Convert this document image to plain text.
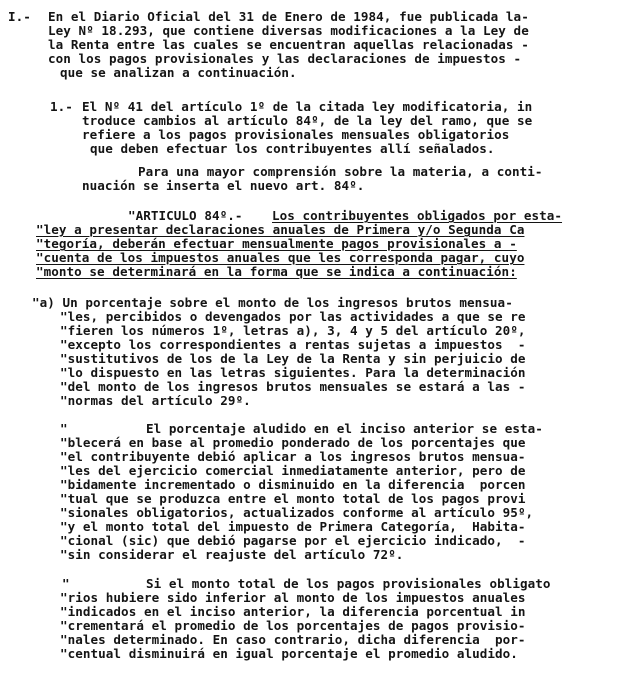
I.- En el Diario Oficial del 31 de Enero de 1984, fue publicada la-
Ley Nº 18.293, que contiene diversas modificaciones a la Ley de
la Renta entre las cuales se encuentran aquellas relacionadas -
con los pagos provisionales y las declaraciones de impuestos -
que se analizan a continuación.
1.- El Nº 41 del artículo 1º de la citada ley modificatoria, in
troduce cambios al artículo 84º, de la ley del ramo, que se
refiere a los pagos provisionales mensuales obligatorios
que deben efectuar los contribuyentes allí señalados.
Para una mayor comprensión sobre la materia, a conti-
nuación se inserta el nuevo art. 84º.
"ARTICULO 84º.- Los contribuyentes obligados por esta-
"ley a presentar declaraciones anuales de Primera y/o Segunda Ca
"tegoría, deberán efectuar mensualmente pagos provisionales a -
"cuenta de los impuestos anuales que les corresponda pagar, cuyo
"monto se determinará en la forma que se indica a continuación:
"a) Un porcentaje sobre el monto de los ingresos brutos mensua-
"les, percibidos o devengados por las actividades a que se re
"fieren los números 1º, letras a), 3, 4 y 5 del artículo 20º,
"excepto los correspondientes a rentas sujetas a impuestos  -
"sustitutivos de los de la Ley de la Renta y sin perjuicio de
"lo dispuesto en las letras siguientes. Para la determinación
"del monto de los ingresos brutos mensuales se estará a las -
"normas del artículo 29º.
"	El porcentaje aludido en el inciso anterior se esta-
"blecerá en base al promedio ponderado de los porcentajes que
"el contribuyente debió aplicar a los ingresos brutos mensua-
"les del ejercicio comercial inmediatamente anterior, pero de
"bidamente incrementado o disminuido en la diferencia  porcen
"tual que se produzca entre el monto total de los pagos provi
"sionales obligatorios, actualizados conforme al artículo 95º,
"y el monto total del impuesto de Primera Categoría,  Habita-
"cional (sic) que debió pagarse por el ejercicio indicado,  -
"sin considerar el reajuste del artículo 72º.
"	Si el monto total de los pagos provisionales obligato
"rios hubiere sido inferior al monto de los impuestos anuales
"indicados en el inciso anterior, la diferencia porcentual in
"crementará el promedio de los porcentajes de pagos provisio-
"nales determinado. En caso contrario, dicha diferencia  por-
"centual disminuirá en igual porcentaje el promedio aludido.
